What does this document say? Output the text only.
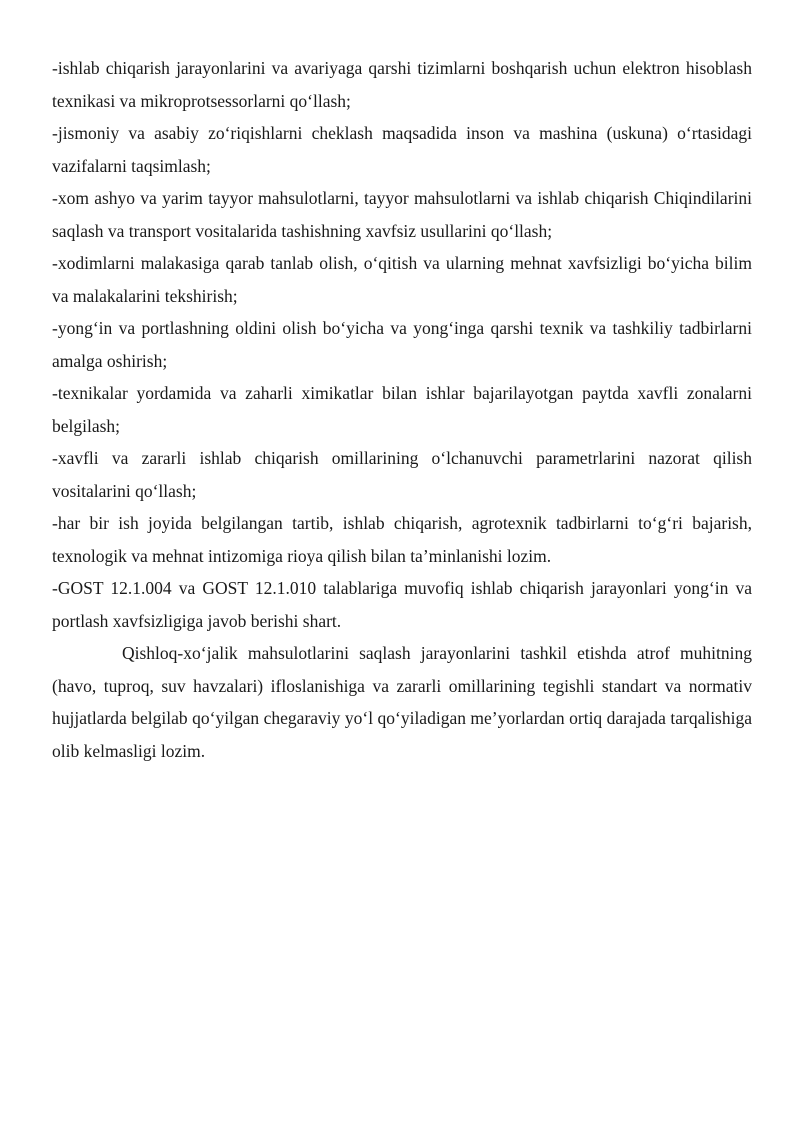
-ishlab chiqarish jarayonlarini va avariyaga qarshi tizimlarni boshqarish uchun elektron hisoblash texnikasi va mikroprotsessorlarni qo‘llash;

-jismoniy va asabiy zo‘riqishlarni cheklash maqsadida inson va mashina (uskuna) o‘rtasidagi vazifalarni taqsimlash;

-xom ashyo va yarim tayyor mahsulotlarni, tayyor mahsulotlarni va ishlab chiqarish Chiqindilarini saqlash va transport vositalarida tashishning xavfsiz usullarini qo‘llash;

-xodimlarni malakasiga qarab tanlab olish, o‘qitish va ularning mehnat xavfsizligi bo‘yicha bilim va malakalarini tekshirish;

-yong‘in va portlashning oldini olish bo‘yicha va yong‘inga qarshi texnik va tashkiliy tadbirlarni amalga oshirish;

-texnikalar yordamida va zaharli ximikatlar bilan ishlar bajarilayotgan paytda xavfli zonalarni belgilash;

-xavfli va zararli ishlab chiqarish omillarining o‘lchanuvchi parametrlarini nazorat qilish vositalarini qo‘llash;

-har bir ish joyida belgilangan tartib, ishlab chiqarish, agrotexnik tadbirlarni to‘g‘ri bajarish, texnologik va mehnat intizomiga rioya qilish bilan ta’minlanishi lozim.

-GOST 12.1.004 va GOST 12.1.010 talablariga muvofiq ishlab chiqarish jarayonlari yong‘in va portlash xavfsizligiga javob berishi shart.

Qishloq-xo‘jalik mahsulotlarini saqlash jarayonlarini tashkil etishda atrof muhitning (havo, tuproq, suv havzalari) ifloslanishiga va zararli omillarining tegishli standart va normativ hujjatlarda belgilab qo‘yilgan chegaraviy yo‘l qo‘yiladigan me’yorlardan ortiq darajada tarqalishiga olib kelmasligi lozim.
